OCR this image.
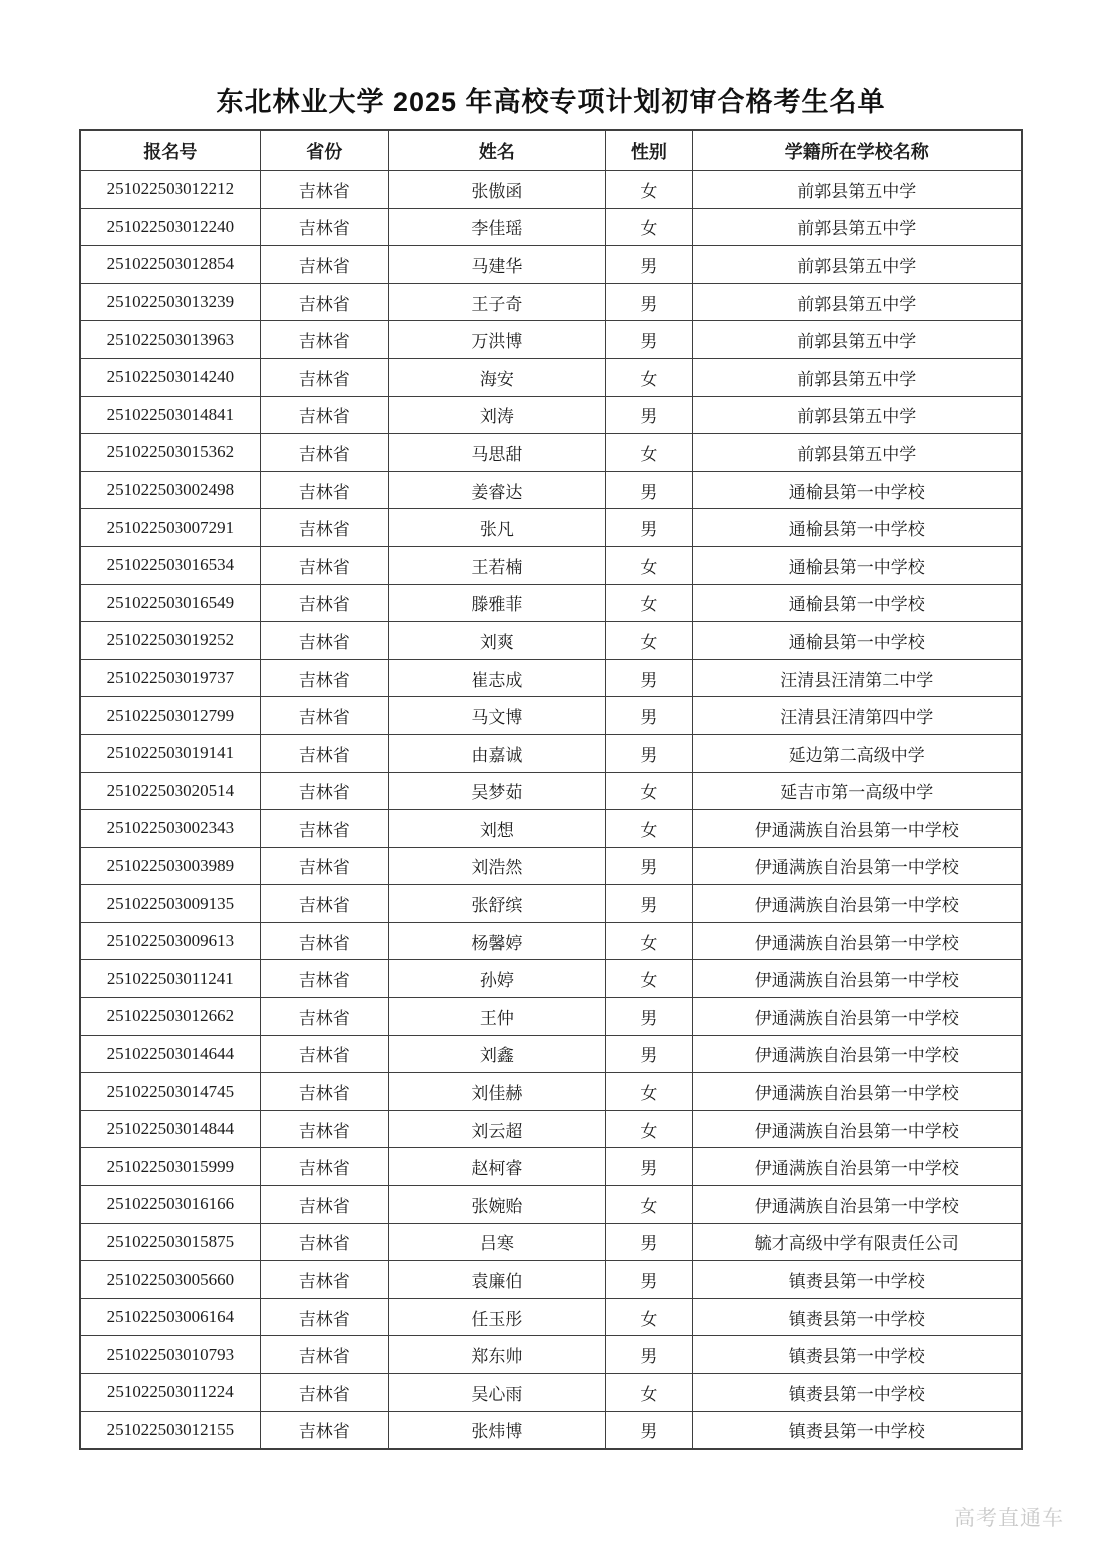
东北林业大学 2025 年高校专项计划初审合格考生名单
报名号	省份	姓名	性别	学籍所在学校名称
251022503012212	吉林省	张傲函	女	前郭县第五中学
251022503012240	吉林省	李佳瑶	女	前郭县第五中学
251022503012854	吉林省	马建华	男	前郭县第五中学
251022503013239	吉林省	王子奇	男	前郭县第五中学
251022503013963	吉林省	万洪博	男	前郭县第五中学
251022503014240	吉林省	海安	女	前郭县第五中学
251022503014841	吉林省	刘涛	男	前郭县第五中学
251022503015362	吉林省	马思甜	女	前郭县第五中学
251022503002498	吉林省	姜睿达	男	通榆县第一中学校
251022503007291	吉林省	张凡	男	通榆县第一中学校
251022503016534	吉林省	王若楠	女	通榆县第一中学校
251022503016549	吉林省	滕雅菲	女	通榆县第一中学校
251022503019252	吉林省	刘爽	女	通榆县第一中学校
251022503019737	吉林省	崔志成	男	汪清县汪清第二中学
251022503012799	吉林省	马文博	男	汪清县汪清第四中学
251022503019141	吉林省	由嘉诚	男	延边第二高级中学
251022503020514	吉林省	吴梦茹	女	延吉市第一高级中学
251022503002343	吉林省	刘想	女	伊通满族自治县第一中学校
251022503003989	吉林省	刘浩然	男	伊通满族自治县第一中学校
251022503009135	吉林省	张舒缤	男	伊通满族自治县第一中学校
251022503009613	吉林省	杨馨婷	女	伊通满族自治县第一中学校
251022503011241	吉林省	孙婷	女	伊通满族自治县第一中学校
251022503012662	吉林省	王仲	男	伊通满族自治县第一中学校
251022503014644	吉林省	刘鑫	男	伊通满族自治县第一中学校
251022503014745	吉林省	刘佳赫	女	伊通满族自治县第一中学校
251022503014844	吉林省	刘云超	女	伊通满族自治县第一中学校
251022503015999	吉林省	赵柯睿	男	伊通满族自治县第一中学校
251022503016166	吉林省	张婉贻	女	伊通满族自治县第一中学校
251022503015875	吉林省	吕寒	男	毓才高级中学有限责任公司
251022503005660	吉林省	袁廉伯	男	镇赉县第一中学校
251022503006164	吉林省	任玉彤	女	镇赉县第一中学校
251022503010793	吉林省	郑东帅	男	镇赉县第一中学校
251022503011224	吉林省	吴心雨	女	镇赉县第一中学校
251022503012155	吉林省	张炜博	男	镇赉县第一中学校
高考直通车
